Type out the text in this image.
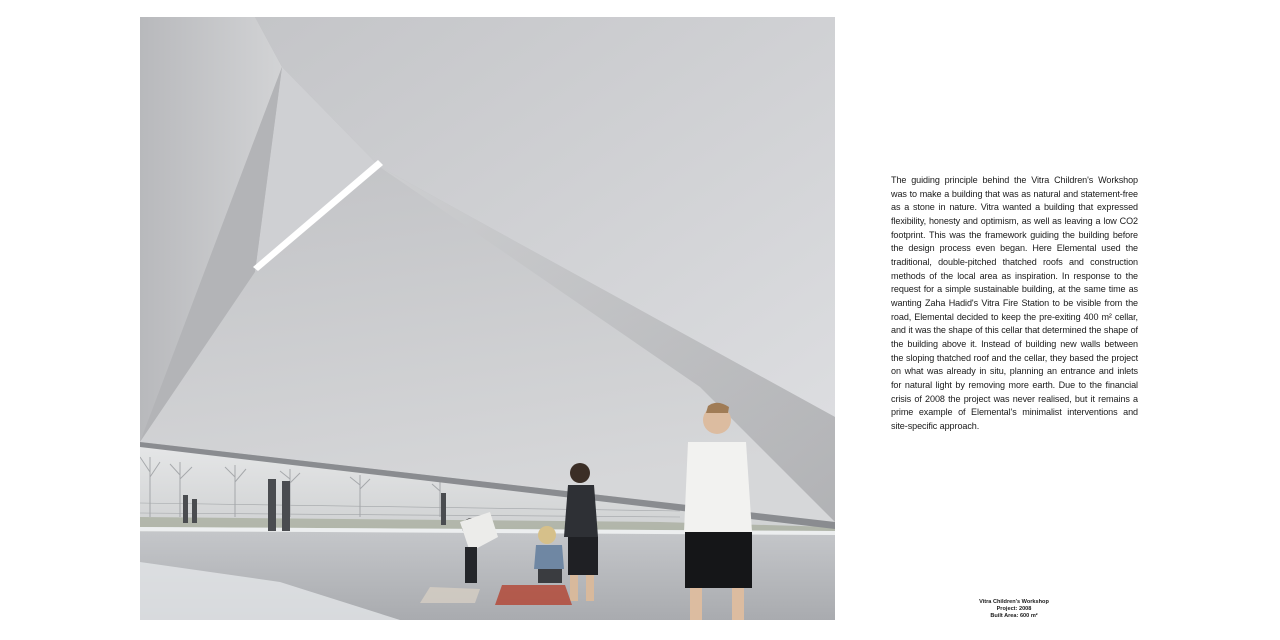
The guiding principle behind the Vitra Children's Workshop was to make a building that was as natural and statement-free as a stone in nature. Vitra wanted a building that expressed flexibility, honesty and optimism, as well as leaving a low CO2 footprint. This was the framework guiding the building before the design process even began. Here Elemental used the traditional, double-pitched thatched roofs and construction methods of the local area as inspiration. In response to the request for a simple sustainable building, at the same time as wanting Zaha Hadid's Vitra Fire Station to be visible from the road, Elemental decided to keep the pre-exiting 400 m² cellar, and it was the shape of this cellar that determined the shape of the building above it. Instead of building new walls between the sloping thatched roof and the cellar, they based the project on what was already in situ, planning an entrance and inlets for natural light by removing more earth. Due to the financial crisis of 2008 the project was never realised, but it remains a prime example of Elemental's minimalist interventions and site-specific approach.

Vitra Children's Workshop
Project: 2008
Built Area: 600 m²
